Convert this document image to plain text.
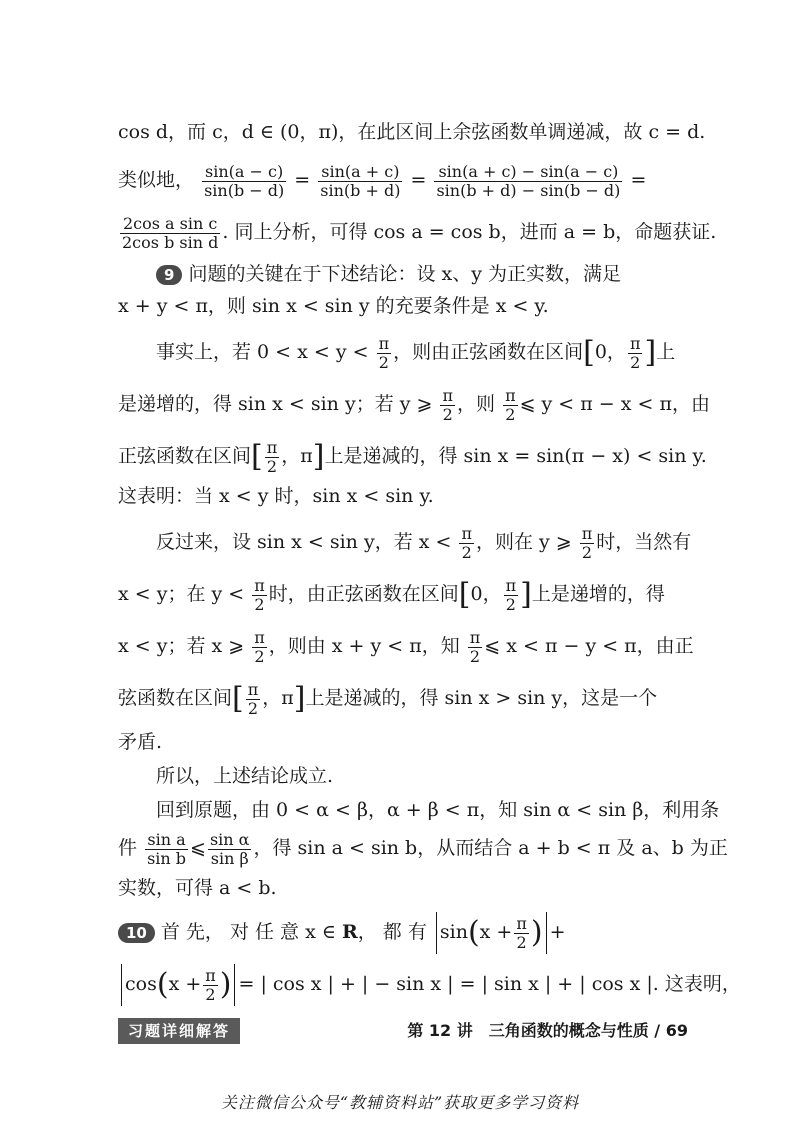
cos d，而 c，d ∈ (0，π)，在此区间上余弦函数单调递减，故 c = d.
类似地， $\frac{\sin(a - c)}{\sin(b - d)} = \frac{\sin(a + c)}{\sin(b + d)} = \frac{\sin(a + c) - \sin(a - c)}{\sin(b + d) - \sin(b - d)}$ =
$\frac{\text{2cos a sin c}}{\text{2cos b sin d}}$ . 同上分析，可得 cos a = cos b，进而 a = b，命题获证.
9 问题的关键在于下述结论：设 x、y 为正实数，满足
x + y < π，则 sin x < sin y 的充要条件是 x < y.
事实上，若 $0 < x < y < \frac{\pi}{2}$ ，则由正弦函数在区间[0， $\frac{\pi}{2}$ ]上
是递增的，得 sin x < sin y；若 y ⩾ $\frac{\pi}{2}$ ，则 $\frac{\pi}{2}$ ⩽ y < π − x < π，由
正弦函数在区间[ $\frac{\pi}{2}$ ，π]上是递减的，得 sin x = sin(π − x) < sin y.
这表明：当 x < y 时，sin x < sin y.
反过来，设 sin x < sin y，若 $x < \frac{\pi}{2}$ ，则在 y ⩾ $\frac{\pi}{2}$ 时，当然有
x < y；在 $y < \frac{\pi}{2}$ 时，由正弦函数在区间[0， $\frac{\pi}{2}$ ]上是递增的，得
x < y；若 x ⩾ $\frac{\pi}{2}$ ，则由 x + y < π，知 $\frac{\pi}{2}$ ⩽ x < π − y < π，由正
弦函数在区间[ $\frac{\pi}{2}$ ，π]上是递减的，得 sin x > sin y，这是一个
矛盾.
所以，上述结论成立.
回到原题，由 0 < α < β，α + β < π，知 sin α < sin β，利用条
件 $\frac{\text{sin a}}{\text{sin b}}$ ⩽ $\frac{\text{sin α}}{\text{sin β}}$ ，得 sin a < sin b，从而结合 a + b < π 及 a、b 为正
实数，可得 a < b.
10 首 先， 对 任 意 x ∈ R， 都 有 $\sin(x + \frac{\pi}{2}$ ) +
$\cos(x + \frac{\pi}{2}$ ) = | cos x | + | − sin x | = | sin x | + | cos x |. 这表明，
习题详细解答	第 12 讲　三角函数的概念与性质 / 69
关注微信公众号“教辅资料站”获取更多学习资料
